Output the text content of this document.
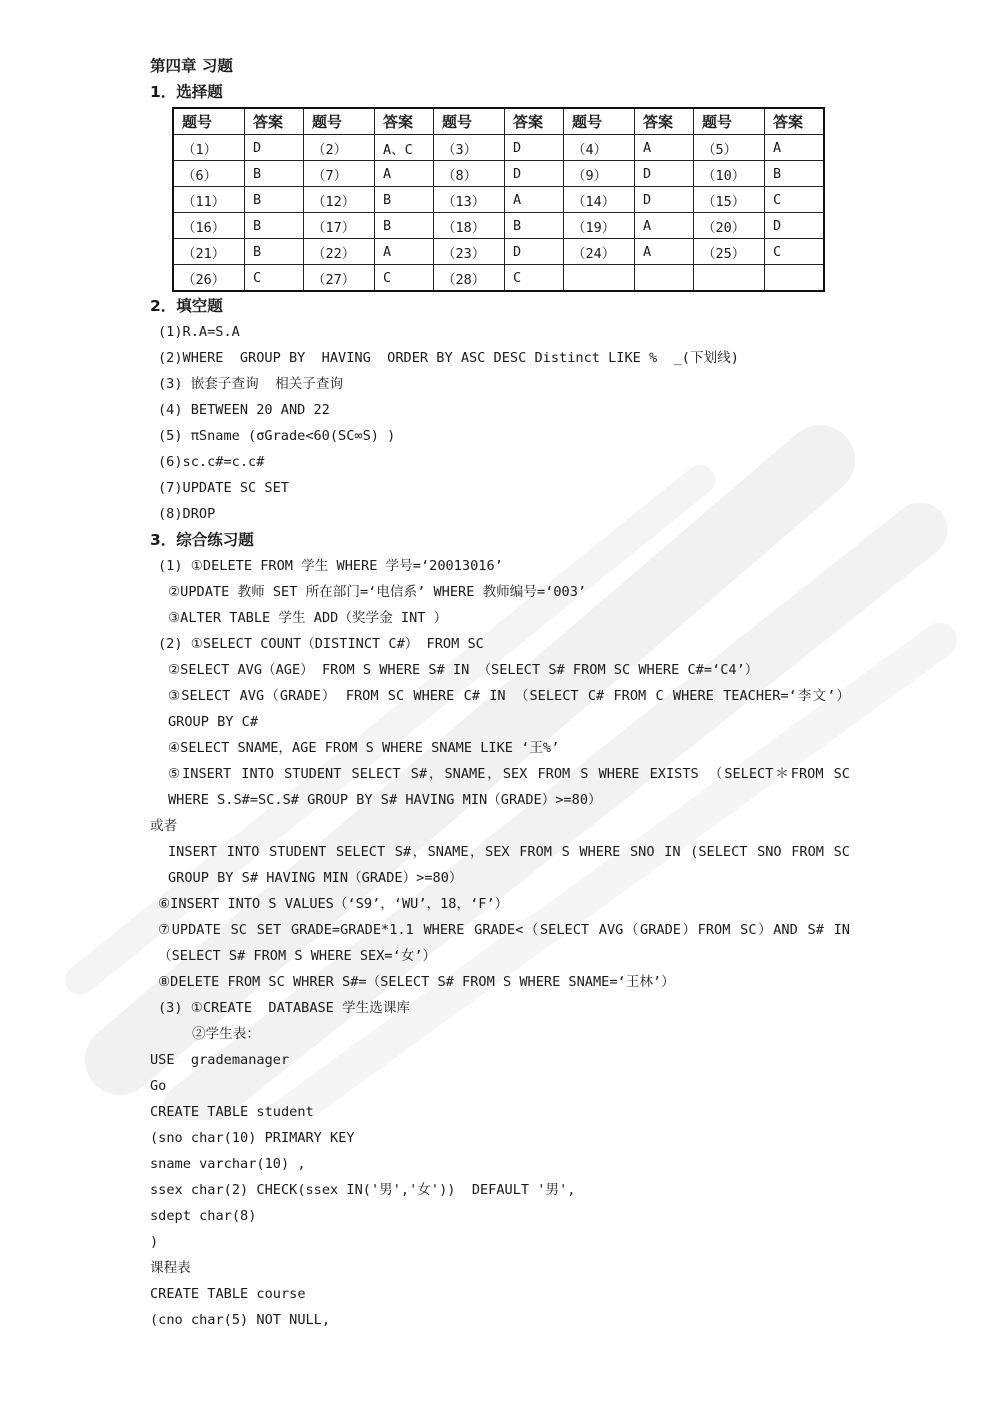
第四章 习题
1．选择题
题号	答案	题号	答案	题号	答案	题号	答案	题号	答案
（1）	D	（2）	A、C	（3）	D	（4）	A	（5）	A
（6）	B	（7）	A	（8）	D	（9）	D	（10）	B
（11）	B	（12）	B	（13）	A	（14）	D	（15）	C
（16）	B	（17）	B	（18）	B	（19）	A	（20）	D
（21）	B	（22）	A	（23）	D	（24）	A	（25）	C
（26）	C	（27）	C	（28）	C				
2．填空题
(1)R.A=S.A
(2)WHERE  GROUP BY  HAVING  ORDER BY ASC DESC Distinct LIKE %  _(下划线)
(3) 嵌套子查询  相关子查询
(4) BETWEEN 20 AND 22
(5) πSname (σGrade<60(SC∞S) )
(6)sc.c#=c.c#
(7)UPDATE SC SET
(8)DROP
3．综合练习题
(1) ①DELETE FROM 学生 WHERE 学号=‘20013016’
②UPDATE 教师 SET 所在部门=‘电信系’ WHERE 教师编号=‘003’
③ALTER TABLE 学生 ADD（奖学金 INT ）
(2) ①SELECT COUNT（DISTINCT C#） FROM SC
②SELECT AVG（AGE） FROM S WHERE S# IN （SELECT S# FROM SC WHERE C#=‘C4’）
③SELECT AVG（GRADE） FROM SC WHERE C# IN （SELECT C# FROM C WHERE TEACHER=‘李文’） GROUP BY C#
④SELECT SNAME，AGE FROM S WHERE SNAME LIKE ‘王%’
⑤INSERT INTO STUDENT SELECT S#，SNAME，SEX FROM S WHERE EXISTS （SELECT＊FROM SC WHERE S.S#=SC.S# GROUP BY S# HAVING MIN（GRADE）>=80）
或者
INSERT INTO STUDENT SELECT S#，SNAME，SEX FROM S WHERE SNO IN (SELECT SNO FROM SC GROUP BY S# HAVING MIN（GRADE）>=80）
⑥INSERT INTO S VALUES（‘S9’，‘WU’，18，‘F’）
⑦UPDATE SC SET GRADE=GRADE*1.1 WHERE GRADE<（SELECT AVG（GRADE）FROM SC）AND S# IN （SELECT S# FROM S WHERE SEX=‘女’）
⑧DELETE FROM SC WHRER S#=（SELECT S# FROM S WHERE SNAME=‘王林’）
(3) ①CREATE  DATABASE 学生选课库
②学生表：
USE  grademanager
Go
CREATE TABLE student
(sno char(10) PRIMARY KEY
sname varchar(10) ,
ssex char(2) CHECK(ssex IN('男','女'))  DEFAULT '男',
sdept char(8)
)
课程表
CREATE TABLE course
(cno char(5) NOT NULL,
